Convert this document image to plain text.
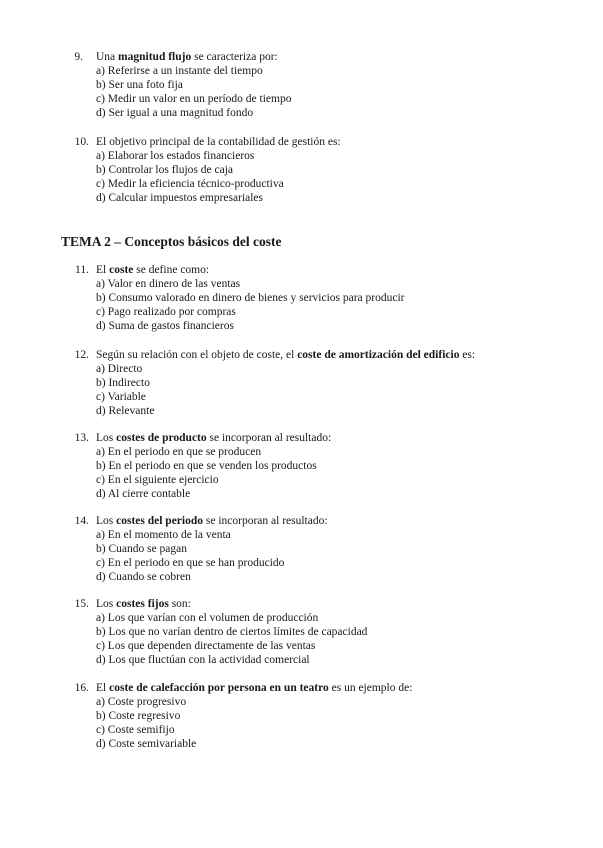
TEMA 2 – Conceptos básicos del coste
9. Una magnitud flujo se caracteriza por:
a) Referirse a un instante del tiempo
b) Ser una foto fija
c) Medir un valor en un período de tiempo
d) Ser igual a una magnitud fondo
10. El objetivo principal de la contabilidad de gestión es:
a) Elaborar los estados financieros
b) Controlar los flujos de caja
c) Medir la eficiencia técnico-productiva
d) Calcular impuestos empresariales
11. El coste se define como:
a) Valor en dinero de las ventas
b) Consumo valorado en dinero de bienes y servicios para producir
c) Pago realizado por compras
d) Suma de gastos financieros
12. Según su relación con el objeto de coste, el coste de amortización del edificio es:
a) Directo
b) Indirecto
c) Variable
d) Relevante
13. Los costes de producto se incorporan al resultado:
a) En el periodo en que se producen
b) En el periodo en que se venden los productos
c) En el siguiente ejercicio
d) Al cierre contable
14. Los costes del periodo se incorporan al resultado:
a) En el momento de la venta
b) Cuando se pagan
c) En el periodo en que se han producido
d) Cuando se cobren
15. Los costes fijos son:
a) Los que varían con el volumen de producción
b) Los que no varían dentro de ciertos límites de capacidad
c) Los que dependen directamente de las ventas
d) Los que fluctúan con la actividad comercial
16. El coste de calefacción por persona en un teatro es un ejemplo de:
a) Coste progresivo
b) Coste regresivo
c) Coste semifijo
d) Coste semivariable
